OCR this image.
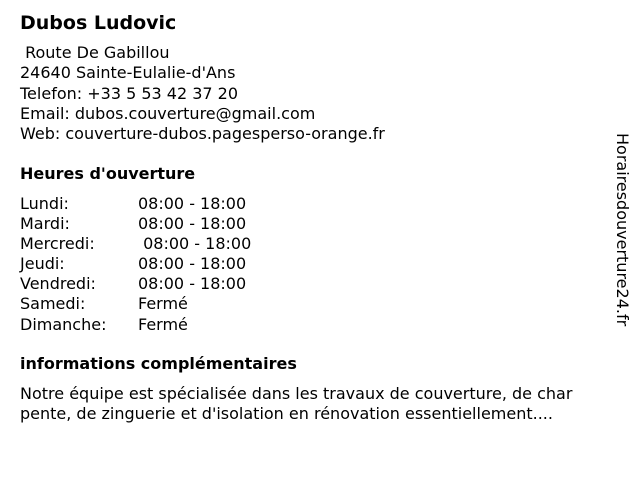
Dubos Ludovic
Route De Gabillou
24640 Sainte-Eulalie-d'Ans
Telefon: +33 5 53 42 37 20
Email: dubos.couverture@gmail.com
Web: couverture-dubos.pagesperso-orange.fr
Heures d'ouverture
Lundi:	08:00 - 18:00
Mardi:	08:00 - 18:00
Mercredi:	08:00 - 18:00
Jeudi:	08:00 - 18:00
Vendredi:	08:00 - 18:00
Samedi:	Fermé
Dimanche:	Fermé
informations complémentaires
Notre équipe est spécialisée dans les travaux de couverture, de char
pente, de zinguerie et d'isolation en rénovation essentiellement....
Horairesdouverture24.fr
